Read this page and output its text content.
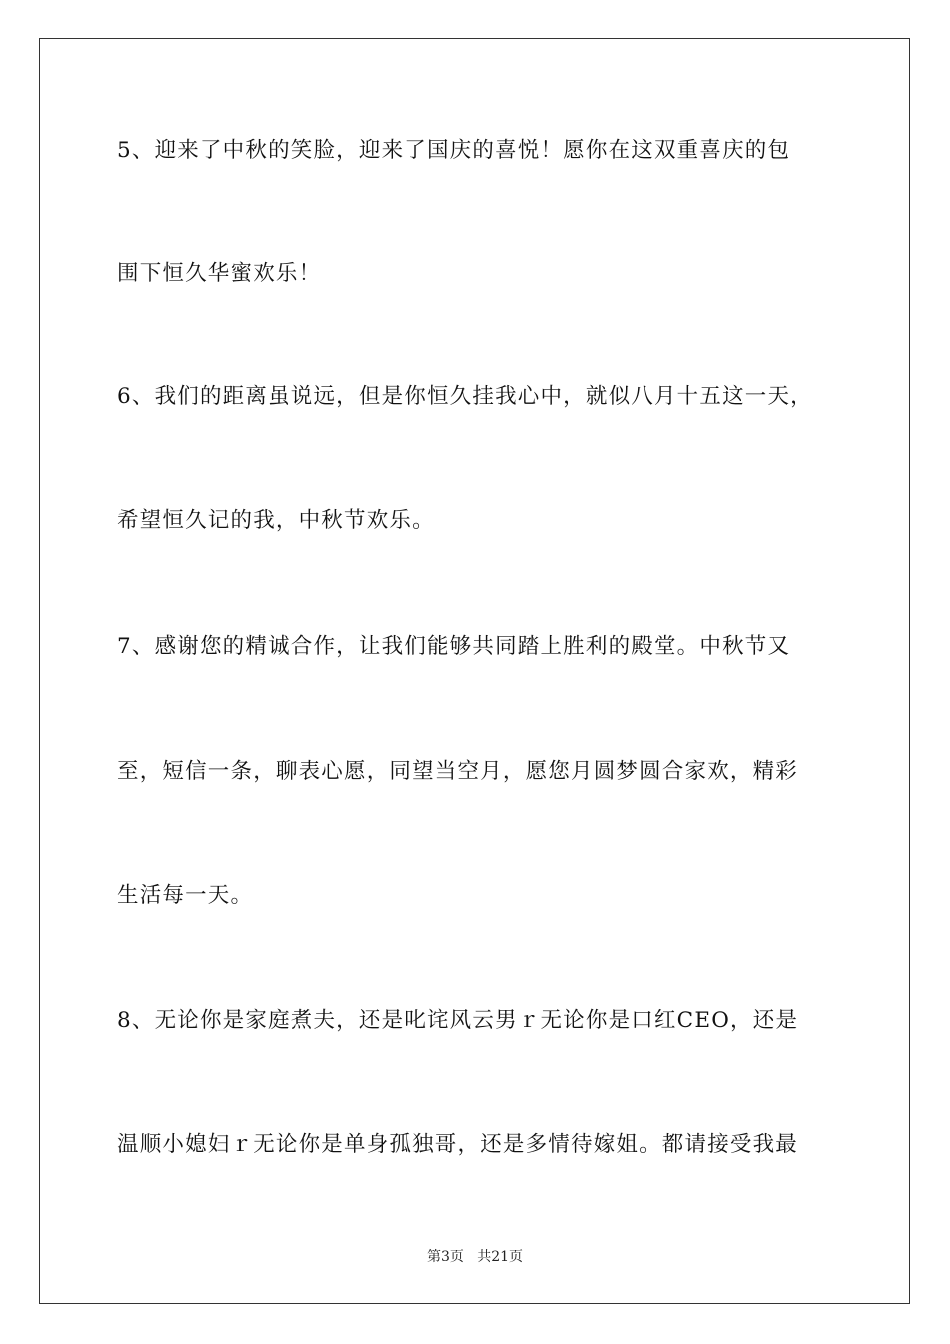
5、迎来了中秋的笑脸，迎来了国庆的喜悦！愿你在这双重喜庆的包
围下恒久华蜜欢乐！
6、我们的距离虽说远，但是你恒久挂我心中，就似八月十五这一天，
希望恒久记的我，中秋节欢乐。
7、感谢您的精诚合作，让我们能够共同踏上胜利的殿堂。中秋节又
至，短信一条，聊表心愿，同望当空月，愿您月圆梦圆合家欢，精彩
生活每一天。
8、无论你是家庭煮夫，还是叱诧风云男ｒ无论你是口红CEO，还是
温顺小媳妇ｒ无论你是单身孤独哥，还是多情待嫁姐。都请接受我最
第3页   共21页
